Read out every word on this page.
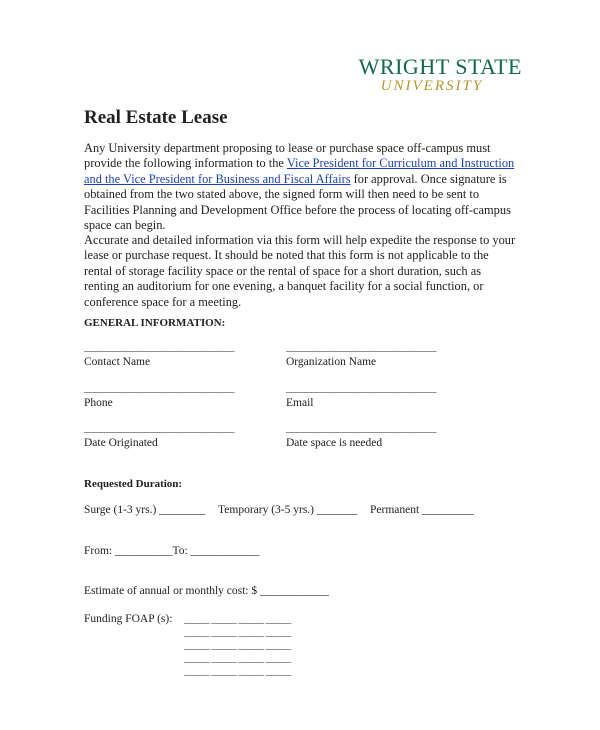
WRIGHT STATE
UNIVERSITY
Real Estate Lease
Any University department proposing to lease or purchase space off-campus must provide the following information to the Vice President for Curriculum and Instruction and the Vice President for Business and Fiscal Affairs for approval. Once signature is obtained from the two stated above, the signed form will then need to be sent to Facilities Planning and Development Office before the process of locating off-campus space can begin.
Accurate and detailed information via this form will help expedite the response to your lease or purchase request. It should be noted that this form is not applicable to the rental of storage facility space or the rental of space for a short duration, such as renting an auditorium for one evening, a banquet facility for a social function, or conference space for a meeting.
GENERAL INFORMATION:
______________________________
Contact Name
______________________________
Organization Name
______________________________
Phone
______________________________
Email
______________________________
Date Originated
______________________________
Date space is needed
Requested Duration:
Surge (1-3 yrs.) ________ Temporary (3-5 yrs.) _______ Permanent _________
From: __________To: ____________
Estimate of annual or monthly cost: $ ____________
Funding FOAP (s): _____ _____ _____ _____
_____ _____ _____ _____
_____ _____ _____ _____
_____ _____ _____ _____
_____ _____ _____ _____
